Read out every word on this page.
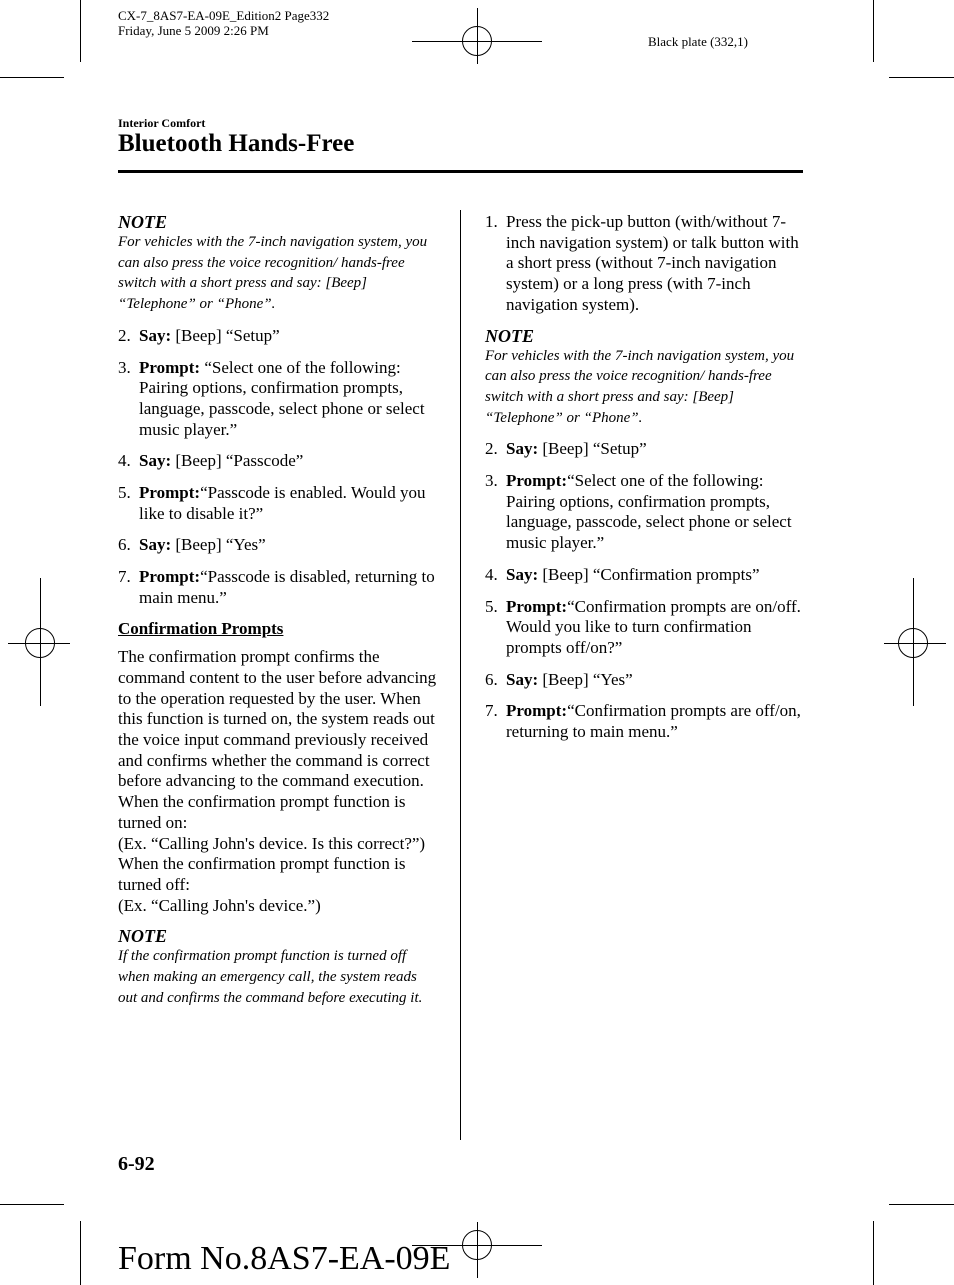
CX-7_8AS7-EA-09E_Edition2 Page332
Friday, June 5 2009 2:26 PM
Black plate (332,1)
Interior Comfort
Bluetooth Hands-Free
NOTE
For vehicles with the 7-inch navigation system, you can also press the voice recognition/ hands-free switch with a short press and say: [Beep] “Telephone” or “Phone”.
2. Say: [Beep] “Setup”
3. Prompt: “Select one of the following: Pairing options, confirmation prompts, language, passcode, select phone or select music player.”
4. Say: [Beep] “Passcode”
5. Prompt:“Passcode is enabled. Would you like to disable it?”
6. Say: [Beep] “Yes”
7. Prompt:“Passcode is disabled, returning to main menu.”
Confirmation Prompts
The confirmation prompt confirms the command content to the user before advancing to the operation requested by the user. When this function is turned on, the system reads out the voice input command previously received and confirms whether the command is correct before advancing to the command execution.
When the confirmation prompt function is turned on:
(Ex. “Calling John's device. Is this correct?”)
When the confirmation prompt function is turned off:
(Ex. “Calling John's device.”)
NOTE
If the confirmation prompt function is turned off when making an emergency call, the system reads out and confirms the command before executing it.
1. Press the pick-up button (with/without 7-inch navigation system) or talk button with a short press (without 7-inch navigation system) or a long press (with 7-inch navigation system).
NOTE
For vehicles with the 7-inch navigation system, you can also press the voice recognition/ hands-free switch with a short press and say: [Beep] “Telephone” or “Phone”.
2. Say: [Beep] “Setup”
3. Prompt:“Select one of the following: Pairing options, confirmation prompts, language, passcode, select phone or select music player.”
4. Say: [Beep] “Confirmation prompts”
5. Prompt:“Confirmation prompts are on/off. Would you like to turn confirmation prompts off/on?”
6. Say: [Beep] “Yes”
7. Prompt:“Confirmation prompts are off/on, returning to main menu.”
6-92
Form No.8AS7-EA-09E
